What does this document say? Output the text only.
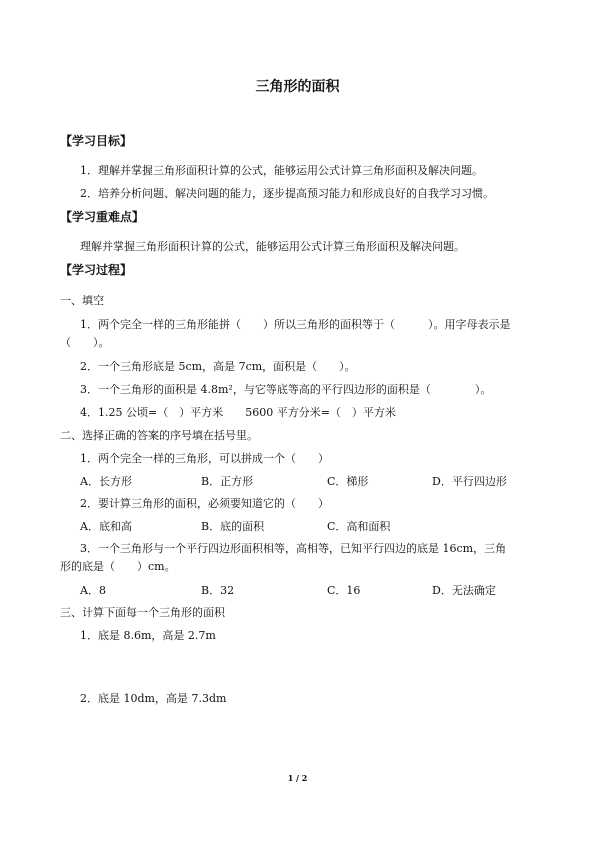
三角形的面积
【学习目标】
1．理解并掌握三角形面积计算的公式，能够运用公式计算三角形面积及解决问题。
2．培养分析问题、解决问题的能力，逐步提高预习能力和形成良好的自我学习习惯。
【学习重难点】
理解并掌握三角形面积计算的公式，能够运用公式计算三角形面积及解决问题。
【学习过程】
一、填空
1．两个完全一样的三角形能拼（　　）所以三角形的面积等于（　　　）。用字母表示是
（　　）。
2．一个三角形底是 5cm，高是 7cm，面积是（　　）。
3．一个三角形的面积是 4.8m²，与它等底等高的平行四边形的面积是（　　　　）。
4．1.25 公顷=（　）平方米　　5600 平方分米=（　）平方米
二、选择正确的答案的序号填在括号里。
1．两个完全一样的三角形，可以拼成一个（　　）
A．长方形	B．正方形	C．梯形	D．平行四边形
2．要计算三角形的面积，必须要知道它的（　　）
A．底和高	B．底的面积	C．高和面积
3．一个三角形与一个平行四边形面积相等，高相等，已知平行四边的底是 16cm，三角
形的底是（　　）cm。
A．8	B．32	C．16	D．无法确定
三、计算下面每一个三角形的面积
1．底是 8.6m，高是 2.7m
2．底是 10dm，高是 7.3dm
1 / 2
